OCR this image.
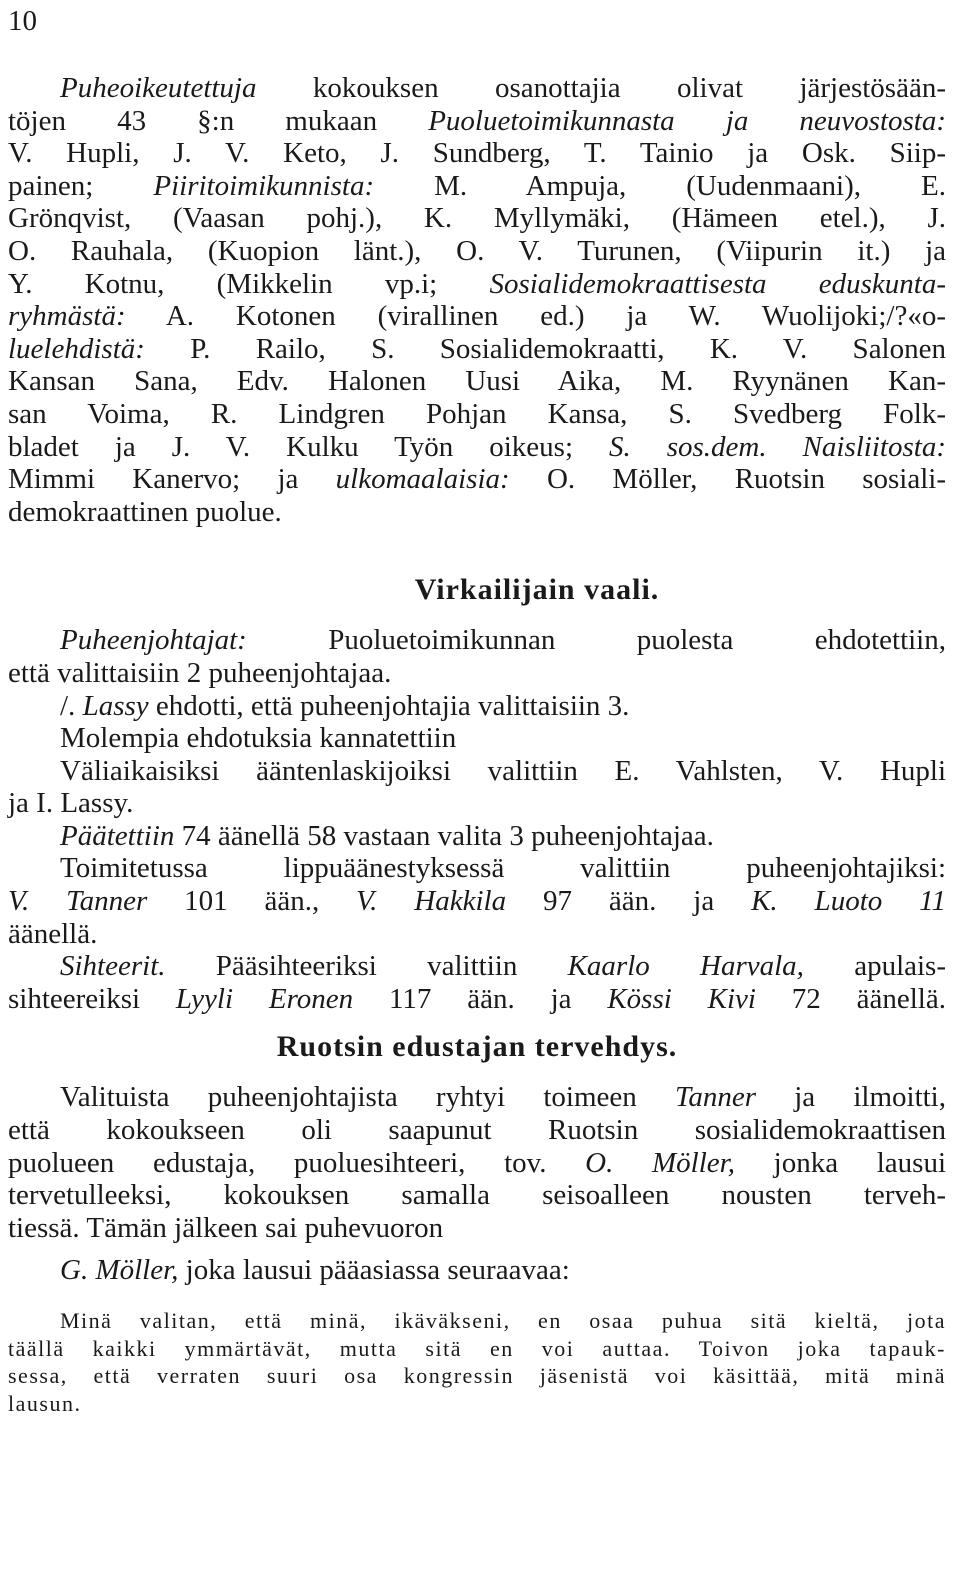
10

Puheoikeutettuja kokouksen osanottajia olivat järjestösään-
töjen 43 §:n mukaan Puoluetoimikunnasta ja neuvostosta:
V. Hupli, J. V. Keto, J. Sundberg, T. Tainio ja Osk. Siip-
painen; Piiritoimikunnista: M. Ampuja, (Uudenmaani), E.
Grönqvist, (Vaasan pohj.), K. Myllymäki, (Hämeen etel.), J.
O. Rauhala, (Kuopion länt.), O. V. Turunen, (Viipurin it.) ja
Y. Kotnu, (Mikkelin vp.i; Sosialidemokraattisesta eduskunta-
ryhmästä: A. Kotonen (virallinen ed.) ja W. Wuolijoki;/?«o-
luelehdistä: P. Railo, S. Sosialidemokraatti, K. V. Salonen
Kansan Sana, Edv. Halonen Uusi Aika, M. Ryynänen Kan-
san Voima, R. Lindgren Pohjan Kansa, S. Svedberg Folk-
bladet ja J. V. Kulku Työn oikeus; S. sos.dem. Naisliitosta:
Mimmi Kanervo; ja ulkomaalaisia: O. Möller, Ruotsin sosiali-
demokraattinen puolue.

Virkailijain vaali.

Puheenjohtajat: Puoluetoimikunnan puolesta ehdotettiin,
että valittaisiin 2 puheenjohtajaa.

/. Lassy ehdotti, että puheenjohtajia valittaisiin 3.

Molempia ehdotuksia kannatettiin

Väliaikaisiksi ääntenlaskijoiksi valittiin E. Vahlsten, V. Hupli
ja I. Lassy.

Päätettiin 74 äänellä 58 vastaan valita 3 puheenjohtajaa.

Toimitetussa lippuäänestyksessä valittiin puheenjohtajiksi:
V. Tanner 101 ään., V. Hakkila 97 ään. ja K. Luoto 11
äänellä.

Sihteerit. Pääsihteeriksi valittiin Kaarlo Harvala, apulais-
sihteereiksi Lyyli Eronen 117 ään. ja Kössi Kivi 72 äänellä.

Ruotsin edustajan tervehdys.

Valituista puheenjohtajista ryhtyi toimeen Tanner ja ilmoitti,
että kokoukseen oli saapunut Ruotsin sosialidemokraattisen
puolueen edustaja, puoluesihteeri, tov. O. Möller, jonka lausui
tervetulleeksi, kokouksen samalla seisoalleen nousten terveh-
tiessä. Tämän jälkeen sai puhevuoron

G. Möller, joka lausui pääasiassa seuraavaa:

Minä valitan, että minä, ikäväkseni, en osaa puhua sitä kieltä, jota
täällä kaikki ymmärtävät, mutta sitä en voi auttaa. Toivon joka tapauk-
sessa, että verraten suuri osa kongressin jäsenistä voi käsittää, mitä minä
lausun.
